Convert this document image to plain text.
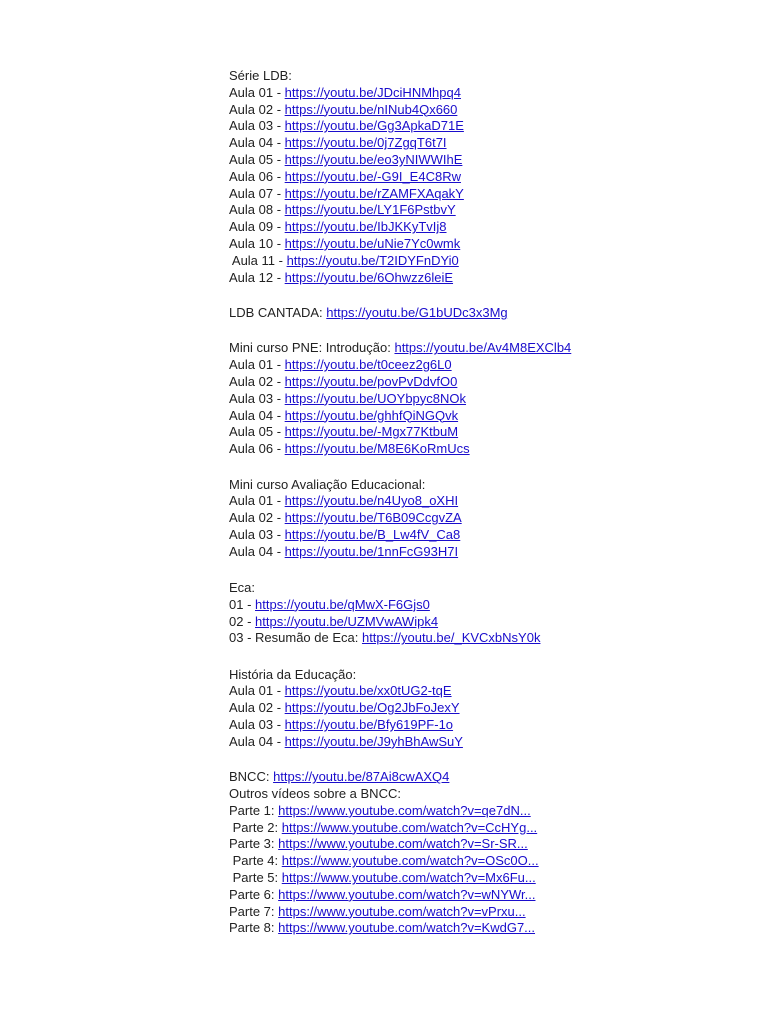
Série LDB:
Aula 01 - https://youtu.be/JDciHNMhpq4
Aula 02 - https://youtu.be/nINub4Qx660
Aula 03 - https://youtu.be/Gg3ApkaD71E
Aula 04 - https://youtu.be/0j7ZgqT6t7I
Aula 05 - https://youtu.be/eo3yNIWWIhE
Aula 06 - https://youtu.be/-G9I_E4C8Rw
Aula 07 - https://youtu.be/rZAMFXAqakY
Aula 08 - https://youtu.be/LY1F6PstbvY
Aula 09 - https://youtu.be/IbJKKyTvIj8
Aula 10 - https://youtu.be/uNie7Yc0wmk
Aula 11 - https://youtu.be/T2IDYFnDYi0
Aula 12 - https://youtu.be/6Ohwzz6leiE
LDB CANTADA: https://youtu.be/G1bUDc3x3Mg
Mini curso PNE: Introdução: https://youtu.be/Av4M8EXClb4
Aula 01 - https://youtu.be/t0ceez2g6L0
Aula 02 - https://youtu.be/povPvDdvfO0
Aula 03 - https://youtu.be/UOYbpyc8NOk
Aula 04 - https://youtu.be/ghhfQiNGQvk
Aula 05 - https://youtu.be/-Mgx77KtbuM
Aula 06 - https://youtu.be/M8E6KoRmUcs
Mini curso Avaliação Educacional:
Aula 01 - https://youtu.be/n4Uyo8_oXHI
Aula 02 - https://youtu.be/T6B09CcgvZA
Aula 03 - https://youtu.be/B_Lw4fV_Ca8
Aula 04 - https://youtu.be/1nnFcG93H7I
Eca:
01 - https://youtu.be/qMwX-F6Gjs0
02 - https://youtu.be/UZMVwAWipk4
03 - Resumão de Eca: https://youtu.be/_KVCxbNsY0k
História da Educação:
Aula 01 - https://youtu.be/xx0tUG2-tqE
Aula 02 - https://youtu.be/Og2JbFoJexY
Aula 03 - https://youtu.be/Bfy619PF-1o
Aula 04 - https://youtu.be/J9yhBhAwSuY
BNCC: https://youtu.be/87Ai8cwAXQ4
Outros vídeos sobre a BNCC:
Parte 1: https://www.youtube.com/watch?v=qe7dN...
Parte 2: https://www.youtube.com/watch?v=CcHYg...
Parte 3: https://www.youtube.com/watch?v=Sr-SR...
Parte 4: https://www.youtube.com/watch?v=OSc0O...
Parte 5: https://www.youtube.com/watch?v=Mx6Fu...
Parte 6: https://www.youtube.com/watch?v=wNYWr...
Parte 7: https://www.youtube.com/watch?v=vPrxu...
Parte 8: https://www.youtube.com/watch?v=KwdG7...
